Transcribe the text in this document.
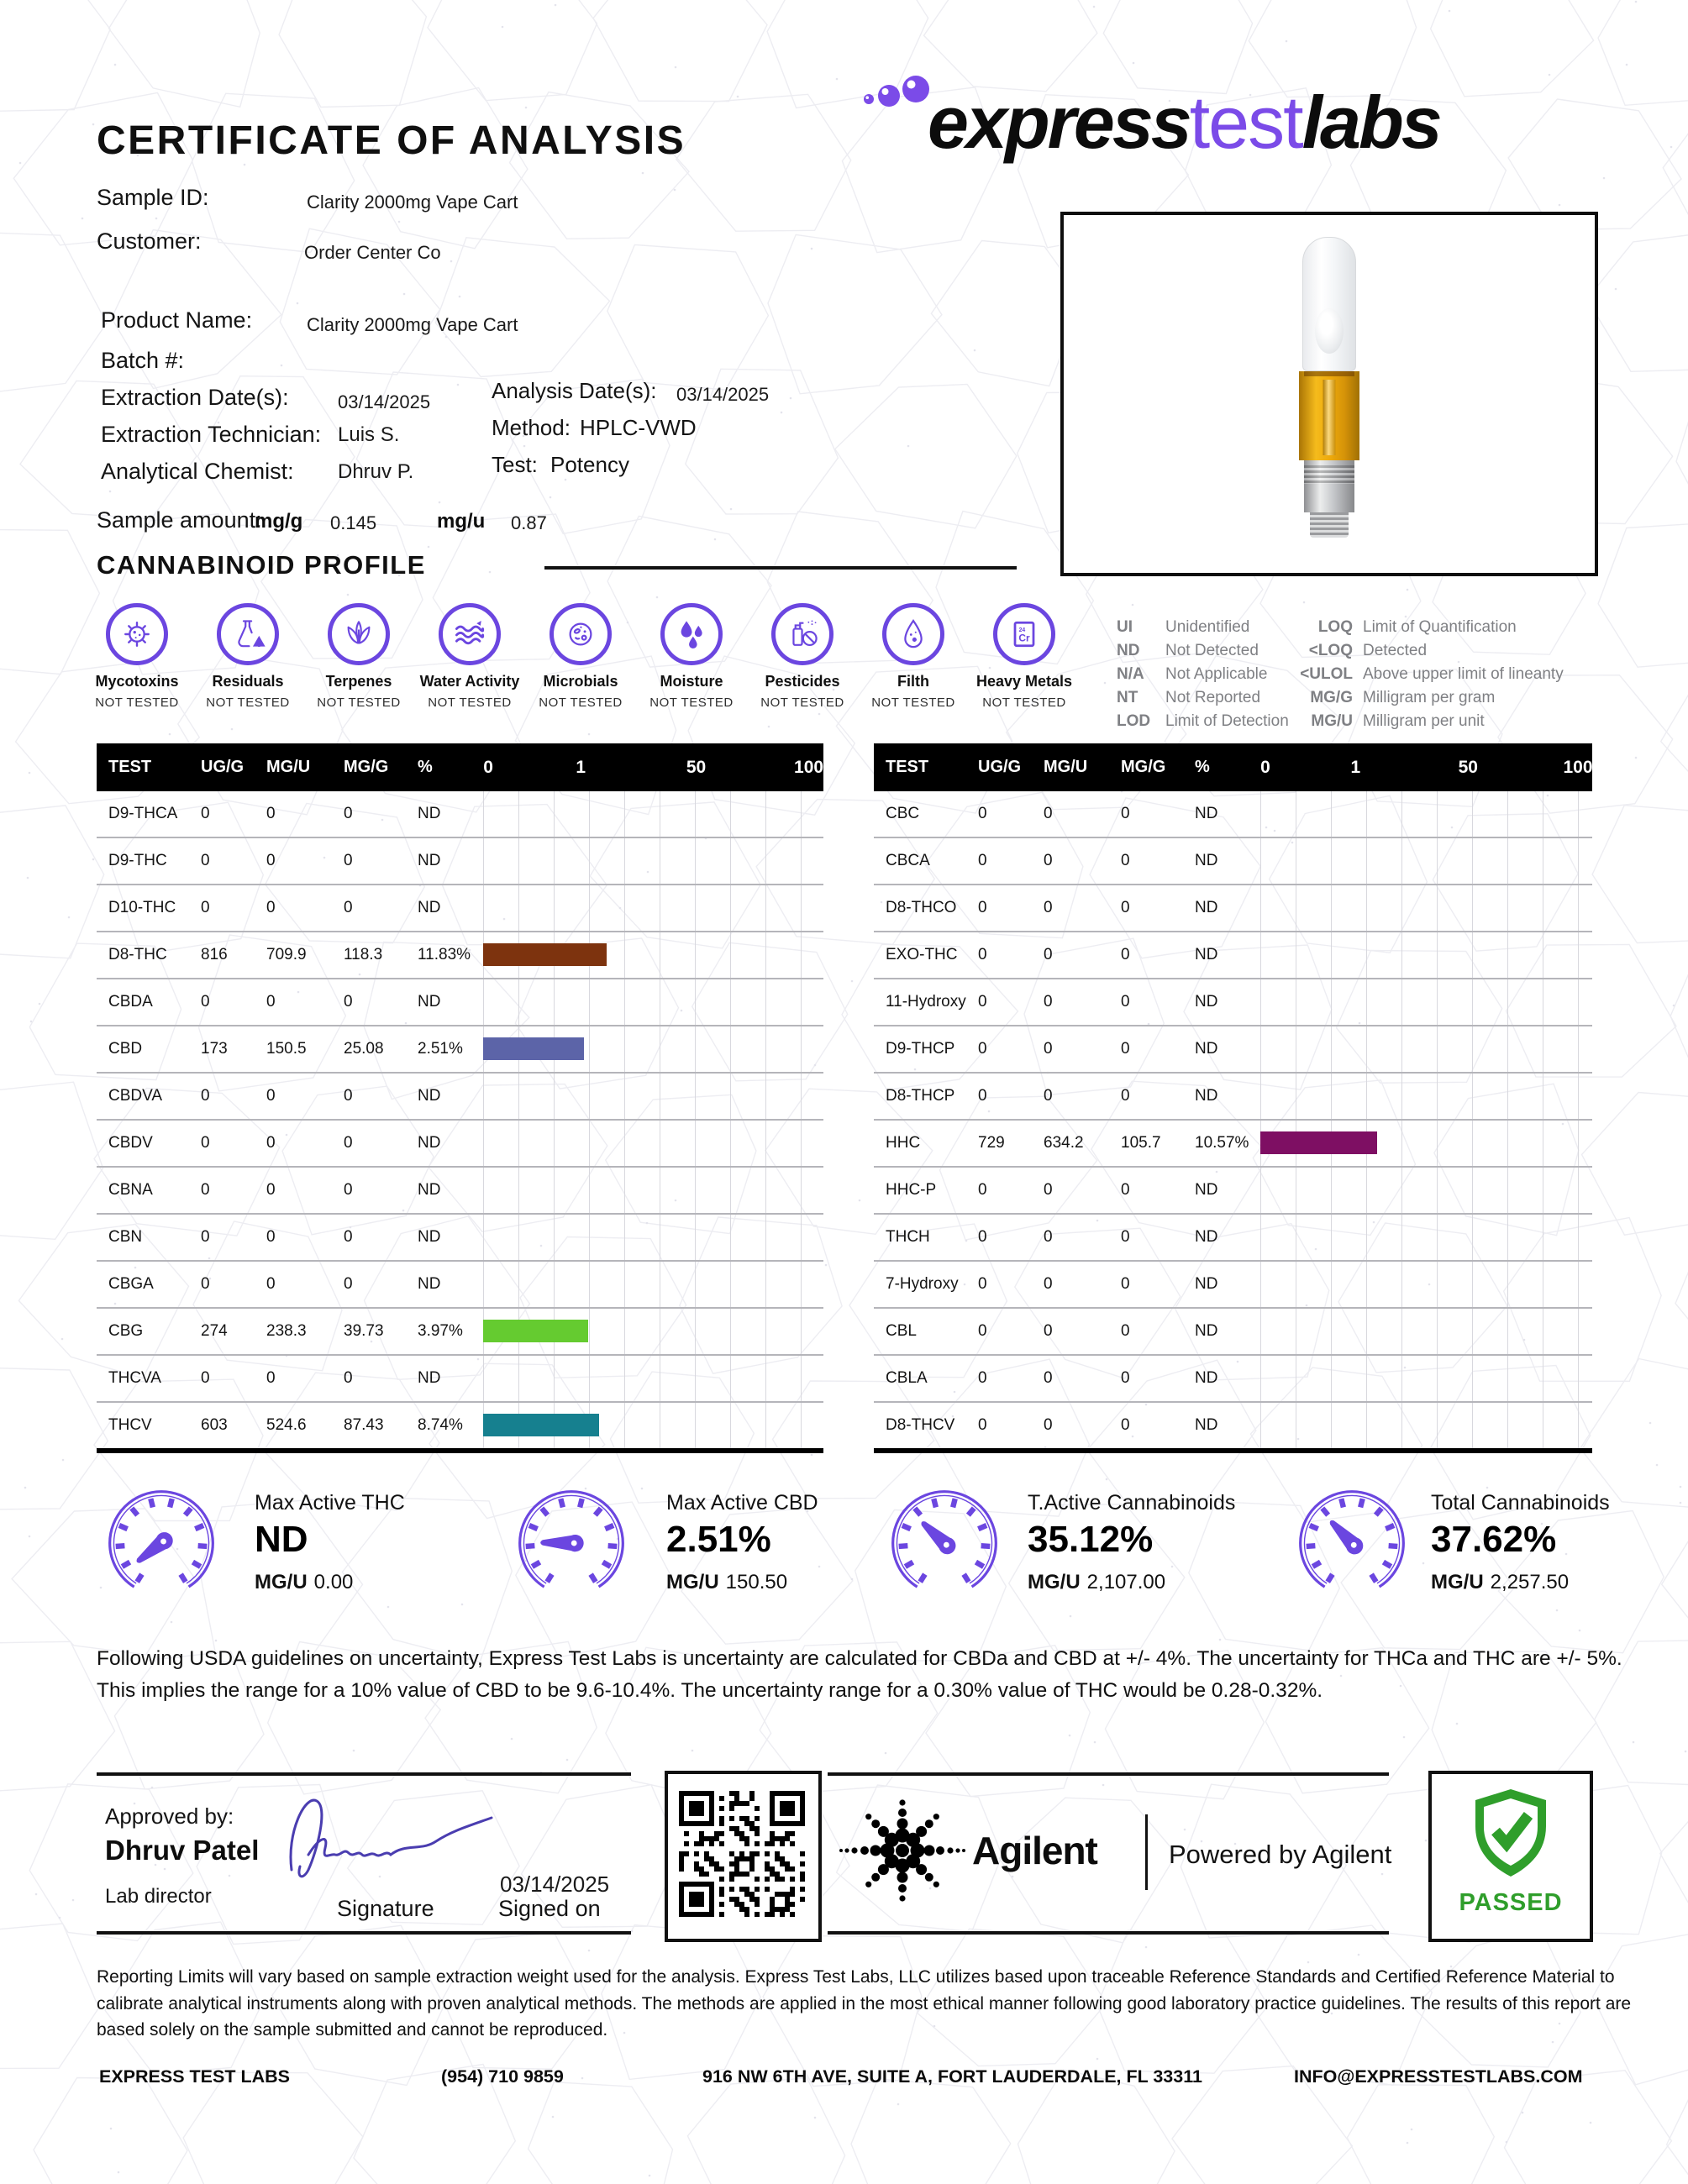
CERTIFICATE OF ANALYSIS	expresstestlabs
Sample ID:	Clarity 2000mg Vape Cart
Customer:	Order Center Co
Product Name:	Clarity 2000mg Vape Cart
Batch #:
Extraction Date(s):	03/14/2025	Analysis Date(s): 03/14/2025
Extraction Technician: Luis S.	Method: HPLC-VWD
Analytical Chemist: Dhruv P.	Test: Potency
Sample amount:
mg/g 0.145	mg/u 0.87
CANNABINOID PROFILE
Mycotoxins
NOT TESTED
Residuals
NOT TESTED
Terpenes
NOT TESTED
Water Activity
NOT TESTED
Microbials
NOT TESTED
Moisture
NOT TESTED
Pesticides
NOT TESTED
Filth
NOT TESTED
24
Cr
Heavy Metals
NOT TESTED
UI	Unidentified
ND	Not Detected
N/A	Not Applicable
NT	Not Reported
LOD Limit of Detection
LOQ Limit of Quantification
<LOQ Detected
<ULOL Above upper limit of lineanty
MG/G Milligram per gram
MG/U Milligram per unit
TEST	UG/G	MG/U	MG/G	%	0	1	50	100
D9-THCA	0	0	0	ND
D9-THC	0	0	0	ND
D10-THC	0	0	0	ND
D8-THC	816	709.9	118.3	11.83%
CBDA	0	0	0	ND
CBD	173	150.5	25.08	2.51%
CBDVA	0	0	0	ND
CBDV	0	0	0	ND
CBNA	0	0	0	ND
CBN	0	0	0	ND
CBGA	0	0	0	ND
CBG	274	238.3	39.73	3.97%
THCVA	0	0	0	ND
THCV	603	524.6	87.43	8.74%
TEST	UG/G	MG/U	MG/G	%	0	1	50	100
CBC	0	0	0	ND
CBCA	0	0	0	ND
D8-THCO	0	0	0	ND
EXO-THC	0	0	0	ND
11-Hydroxy 0	0	0	ND
D9-THCP	0	0	0	ND
D8-THCP	0	0	0	ND
HHC	729	634.2	105.7	10.57%
HHC-P	0	0	0	ND
THCH	0	0	0	ND
7-Hydroxy	0	0	0	ND
CBL	0	0	0	ND
CBLA	0	0	0	ND
D8-THCV	0	0	0	ND
Max Active THC
ND
MG/U 0.00
Max Active CBD
2.51%
MG/U 150.50
T.Active Cannabinoids
35.12%
MG/U 2,107.00
Total Cannabinoids
37.62%
MG/U 2,257.50
Following USDA guidelines on uncertainty, Express Test Labs is uncertainty are calculated for CBDa and CBD at +/- 4%. The uncertainty for THCa and THC are +/- 5%. This implies the range for a 10% value of CBD to be 9.6-10.4%. The uncertainty range for a 0.30% value of THC would be 0.28-0.32%.
Approved by:
Dhruv Patel
Lab director	Signature
03/14/2025
Signed on
Agilent	Powered by Agilent
PASSED
Reporting Limits will vary based on sample extraction weight used for the analysis. Express Test Labs, LLC utilizes based upon traceable Reference Standards and Certified Reference Material to calibrate analytical instruments along with proven analytical methods. The methods are applied in the most ethical manner following good laboratory practice guidelines. The results of this report are based solely on the sample submitted and cannot be reproduced.
EXPRESS TEST LABS	(954) 710 9859	916 NW 6TH AVE, SUITE A, FORT LAUDERDALE, FL 33311	INFO@EXPRESSTESTLABS.COM
